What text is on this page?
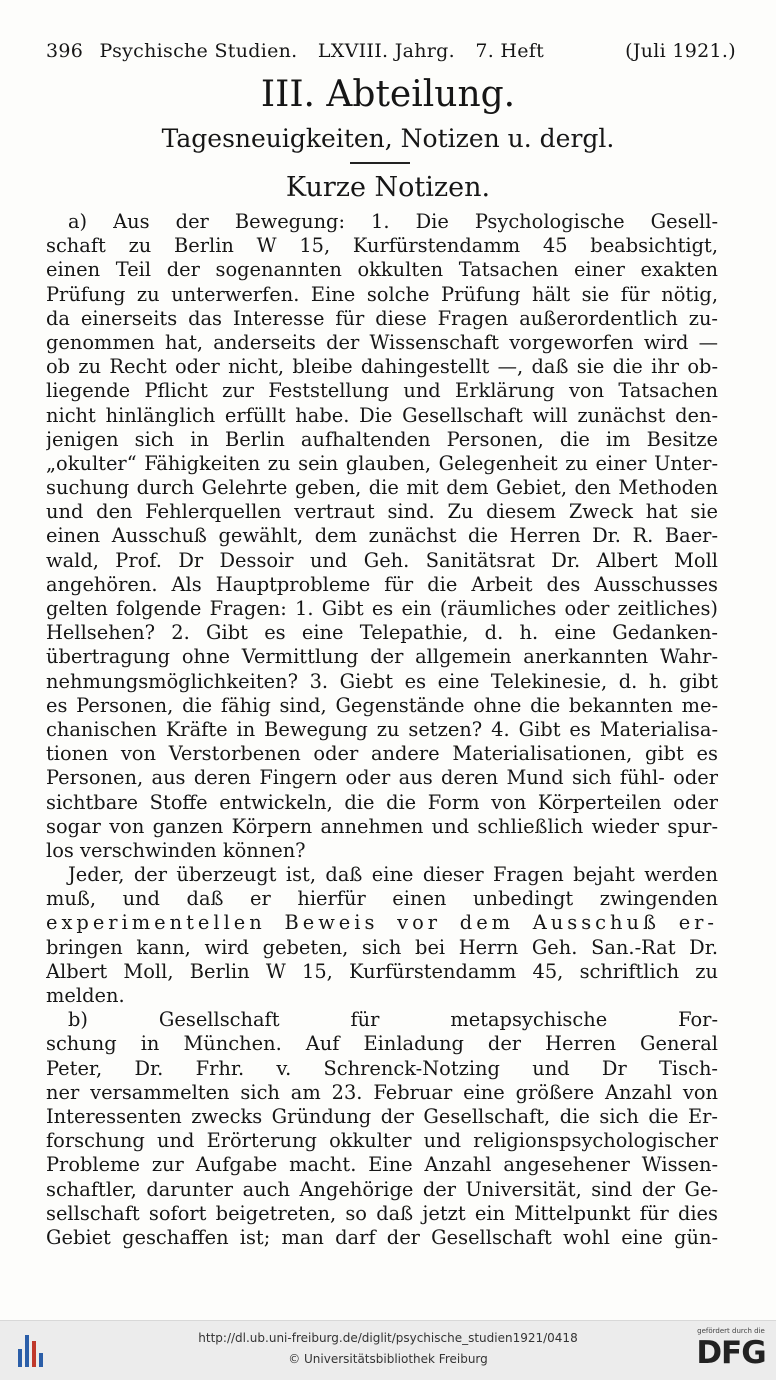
396 Psychische Studien. LXVIII. Jahrg. 7. Heft	(Juli 1921.)
III. Abteilung.
Tagesneuigkeiten, Notizen u. dergl.
Kurze Notizen.
a) Aus der Bewegung: 1. Die Psychologische Gesell-
schaft zu Berlin W 15, Kurfürstendamm 45 beabsichtigt,
einen Teil der sogenannten okkulten Tatsachen einer exakten
Prüfung zu unterwerfen. Eine solche Prüfung hält sie für nötig,
da einerseits das Interesse für diese Fragen außerordentlich zu-
genommen hat, anderseits der Wissenschaft vorgeworfen wird —
ob zu Recht oder nicht, bleibe dahingestellt —, daß sie die ihr ob-
liegende Pflicht zur Feststellung und Erklärung von Tatsachen
nicht hinlänglich erfüllt habe. Die Gesellschaft will zunächst den-
jenigen sich in Berlin aufhaltenden Personen, die im Besitze
„okulter“ Fähigkeiten zu sein glauben, Gelegenheit zu einer Unter-
suchung durch Gelehrte geben, die mit dem Gebiet, den Methoden
und den Fehlerquellen vertraut sind. Zu diesem Zweck hat sie
einen Ausschuß gewählt, dem zunächst die Herren Dr. R. Baer-
wald, Prof. Dr Dessoir und Geh. Sanitätsrat Dr. Albert Moll
angehören. Als Hauptprobleme für die Arbeit des Ausschusses
gelten folgende Fragen: 1. Gibt es ein (räumliches oder zeitliches)
Hellsehen? 2. Gibt es eine Telepathie, d. h. eine Gedanken-
übertragung ohne Vermittlung der allgemein anerkannten Wahr-
nehmungsmöglichkeiten? 3. Giebt es eine Telekinesie, d. h. gibt
es Personen, die fähig sind, Gegenstände ohne die bekannten me-
chanischen Kräfte in Bewegung zu setzen? 4. Gibt es Materialisa-
tionen von Verstorbenen oder andere Materialisationen, gibt es
Personen, aus deren Fingern oder aus deren Mund sich fühl- oder
sichtbare Stoffe entwickeln, die die Form von Körperteilen oder
sogar von ganzen Körpern annehmen und schließlich wieder spur-
los verschwinden können?
Jeder, der überzeugt ist, daß eine dieser Fragen bejaht werden
muß, und daß er hierfür einen unbedingt zwingenden
experimentellen Beweis vor dem Ausschuß er-
bringen kann, wird gebeten, sich bei Herrn Geh. San.-Rat Dr.
Albert Moll, Berlin W 15, Kurfürstendamm 45, schriftlich zu
melden.
b) Gesellschaft für metapsychische For-
schung in München. Auf Einladung der Herren General
Peter, Dr. Frhr. v. Schrenck-Notzing und Dr Tisch-
ner versammelten sich am 23. Februar eine größere Anzahl von
Interessenten zwecks Gründung der Gesellschaft, die sich die Er-
forschung und Erörterung okkulter und religionspsychologischer
Probleme zur Aufgabe macht. Eine Anzahl angesehener Wissen-
schaftler, darunter auch Angehörige der Universität, sind der Ge-
sellschaft sofort beigetreten, so daß jetzt ein Mittelpunkt für dies
Gebiet geschaffen ist; man darf der Gesellschaft wohl eine gün-
http://dl.ub.uni-freiburg.de/diglit/psychische_studien1921/0418
© Universitätsbibliothek Freiburg
gefördert durch die
DFG
